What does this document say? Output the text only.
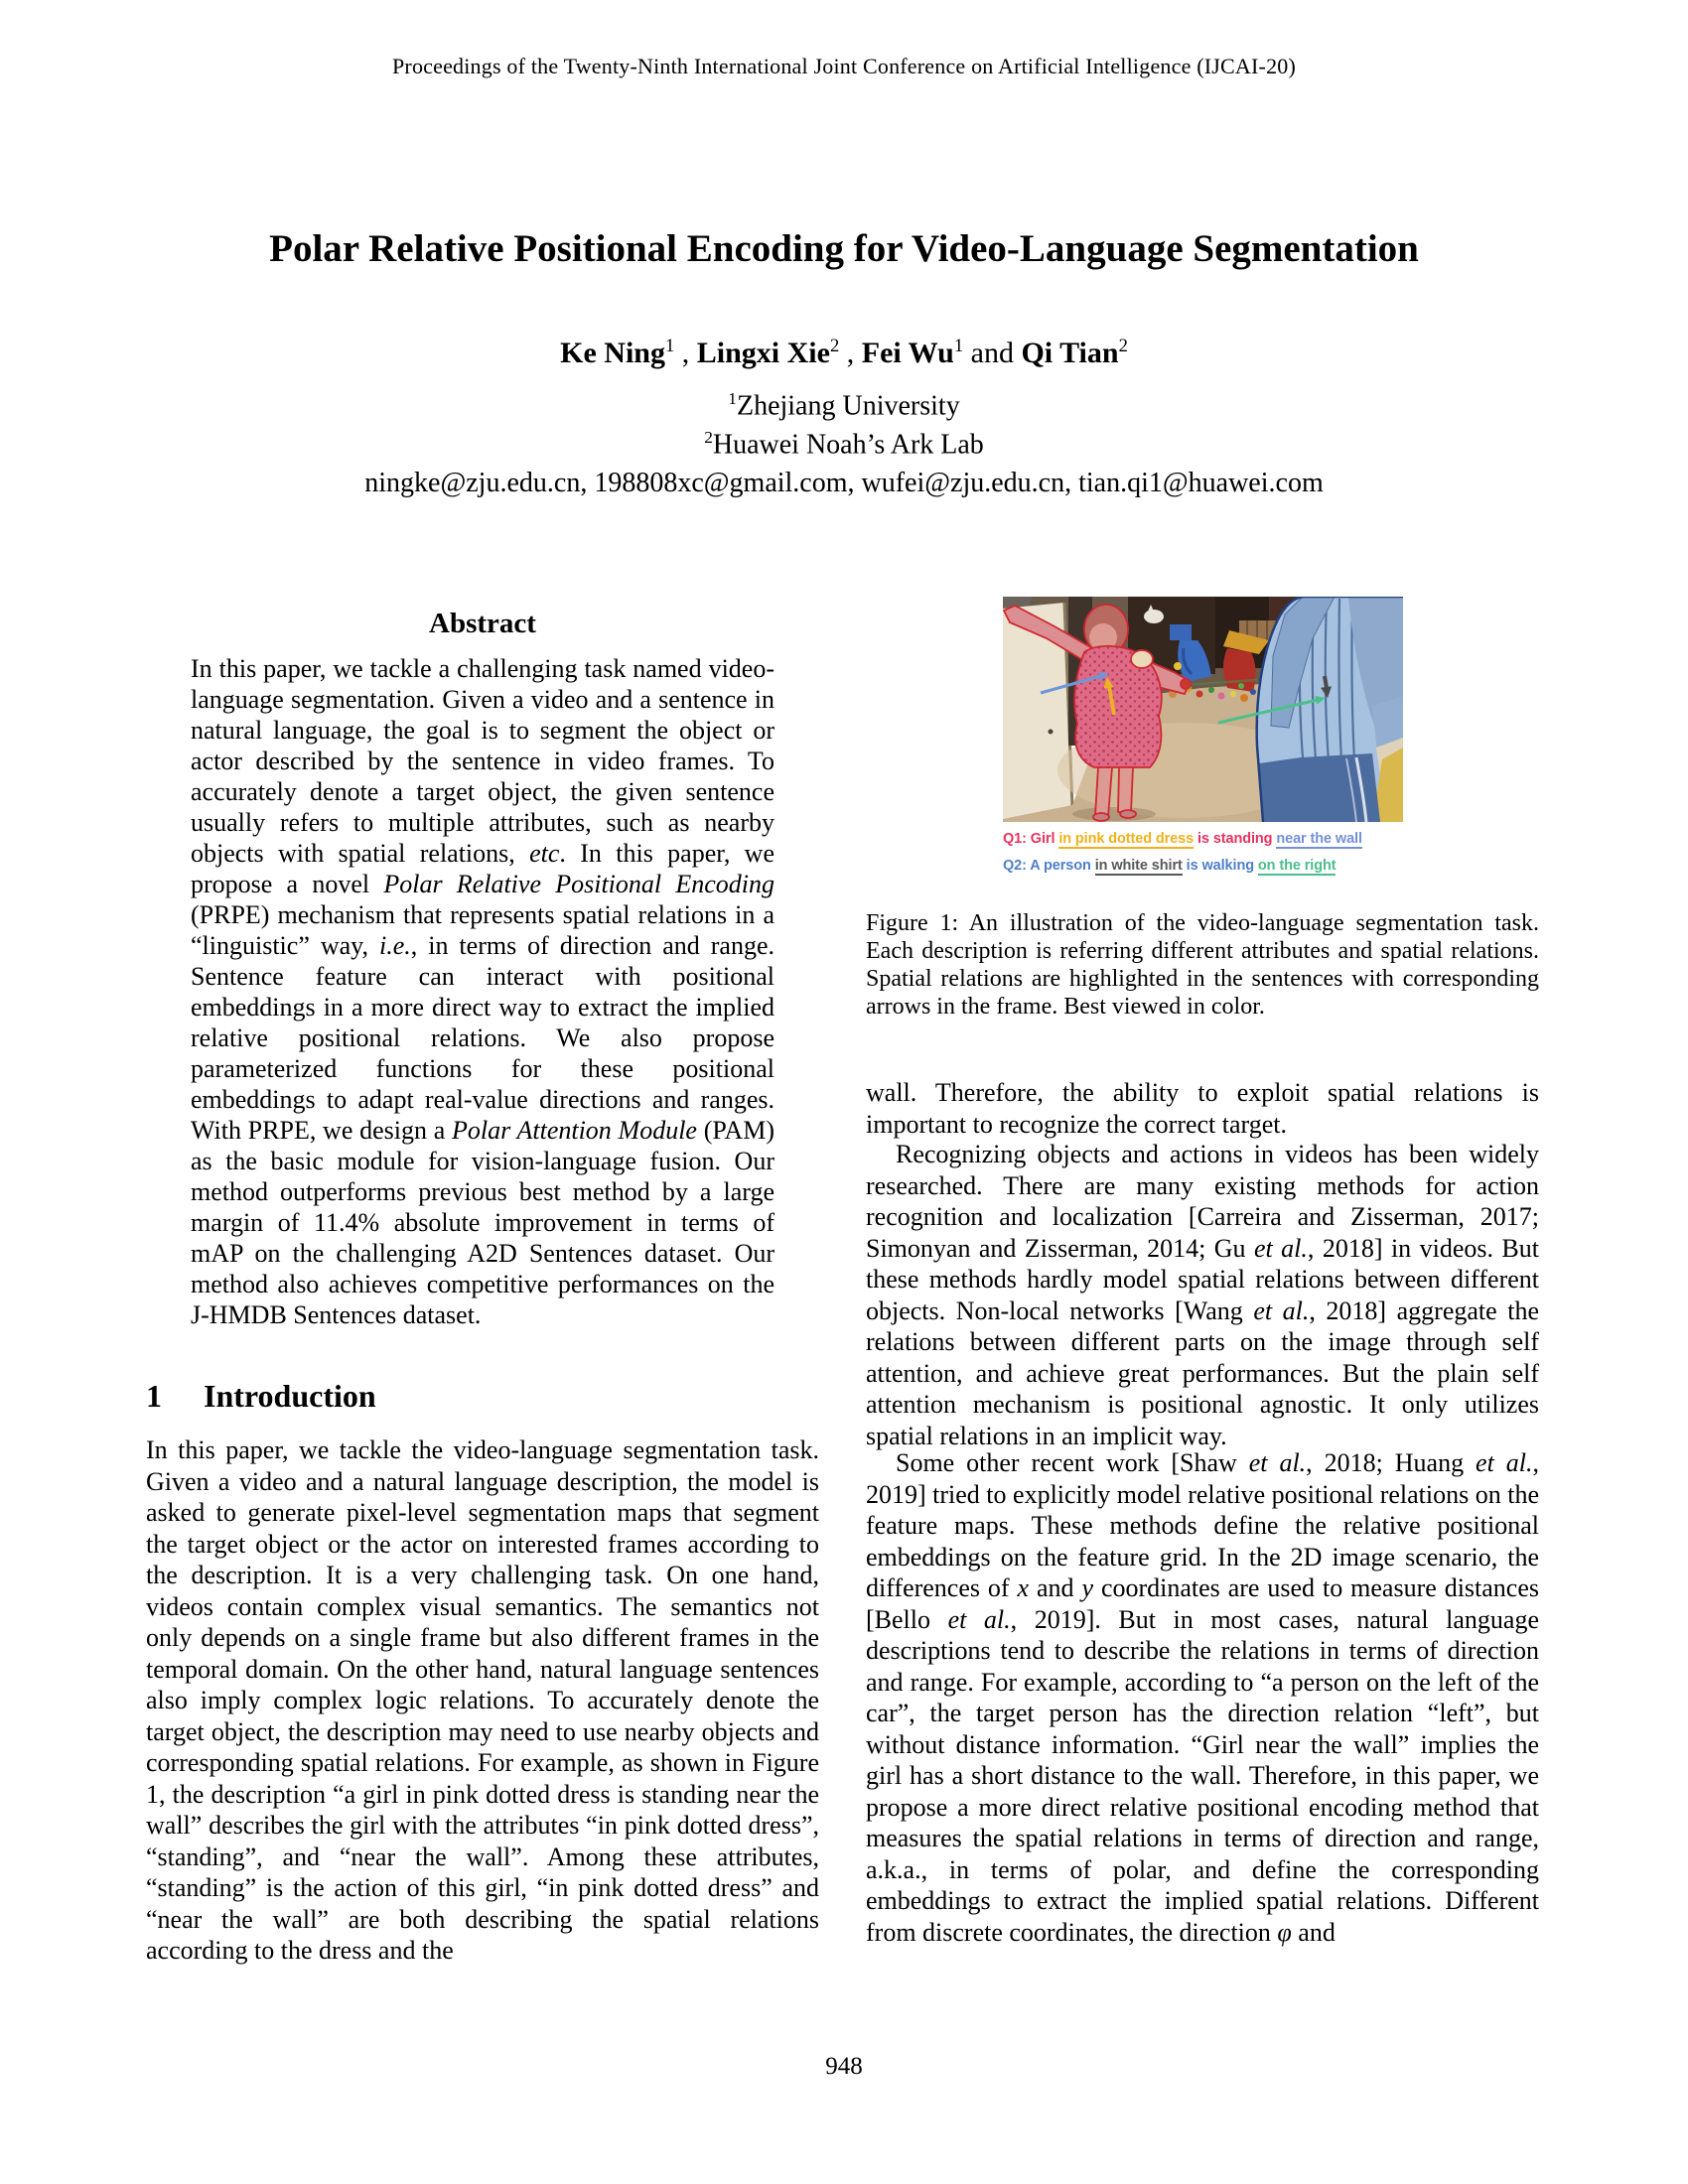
Proceedings of the Twenty-Ninth International Joint Conference on Artificial Intelligence (IJCAI-20)
Polar Relative Positional Encoding for Video-Language Segmentation
Ke Ning$^1$ , Lingxi Xie$^2$ , Fei Wu$^1$ and Qi Tian$^2$
$^1$Zhejiang University
$^2$Huawei Noah’s Ark Lab
ningke@zju.edu.cn, 198808xc@gmail.com, wufei@zju.edu.cn, tian.qi1@huawei.com
Abstract
In this paper, we tackle a challenging task named video-language segmentation. Given a video and a sentence in natural language, the goal is to segment the object or actor described by the sentence in video frames. To accurately denote a target object, the given sentence usually refers to multiple attributes, such as nearby objects with spatial relations, etc. In this paper, we propose a novel Polar Relative Positional Encoding (PRPE) mechanism that represents spatial relations in a “linguistic” way, i.e., in terms of direction and range. Sentence feature can interact with positional embeddings in a more direct way to extract the implied relative positional relations. We also propose parameterized functions for these positional embeddings to adapt real-value directions and ranges. With PRPE, we design a Polar Attention Module (PAM) as the basic module for vision-language fusion. Our method outperforms previous best method by a large margin of 11.4% absolute improvement in terms of mAP on the challenging A2D Sentences dataset. Our method also achieves competitive performances on the J-HMDB Sentences dataset.
1 Introduction

In this paper, we tackle the video-language segmentation task. Given a video and a natural language description, the model is asked to generate pixel-level segmentation maps that segment the target object or the actor on interested frames according to the description. It is a very challenging task. On one hand, videos contain complex visual semantics. The semantics not only depends on a single frame but also different frames in the temporal domain. On the other hand, natural language sentences also imply complex logic relations. To accurately denote the target object, the description may need to use nearby objects and corresponding spatial relations. For example, as shown in Figure 1, the description “a girl in pink dotted dress is standing near the wall” describes the girl with the attributes “in pink dotted dress”, “standing”, and “near the wall”. Among these attributes, “standing” is the action of this girl, “in pink dotted dress” and “near the wall” are both describing the spatial relations according to the dress and the

Q1: Girl in pink dotted dress is standing near the wall
Q2: A person in white shirt is walking on the right
Figure 1: An illustration of the video-language segmentation task. Each description is referring different attributes and spatial relations. Spatial relations are highlighted in the sentences with corresponding arrows in the frame. Best viewed in color.

wall. Therefore, the ability to exploit spatial relations is important to recognize the correct target.

Recognizing objects and actions in videos has been widely researched. There are many existing methods for action recognition and localization [Carreira and Zisserman, 2017; Simonyan and Zisserman, 2014; Gu et al., 2018] in videos. But these methods hardly model spatial relations between different objects. Non-local networks [Wang et al., 2018] aggregate the relations between different parts on the image through self attention, and achieve great performances. But the plain self attention mechanism is positional agnostic. It only utilizes spatial relations in an implicit way.

Some other recent work [Shaw et al., 2018; Huang et al., 2019] tried to explicitly model relative positional relations on the feature maps. These methods define the relative positional embeddings on the feature grid. In the 2D image scenario, the differences of x and y coordinates are used to measure distances [Bello et al., 2019]. But in most cases, natural language descriptions tend to describe the relations in terms of direction and range. For example, according to “a person on the left of the car”, the target person has the direction relation “left”, but without distance information. “Girl near the wall” implies the girl has a short distance to the wall. Therefore, in this paper, we propose a more direct relative positional encoding method that measures the spatial relations in terms of direction and range, a.k.a., in terms of polar, and define the corresponding embeddings to extract the implied spatial relations. Different from discrete coordinates, the direction φ and

948
